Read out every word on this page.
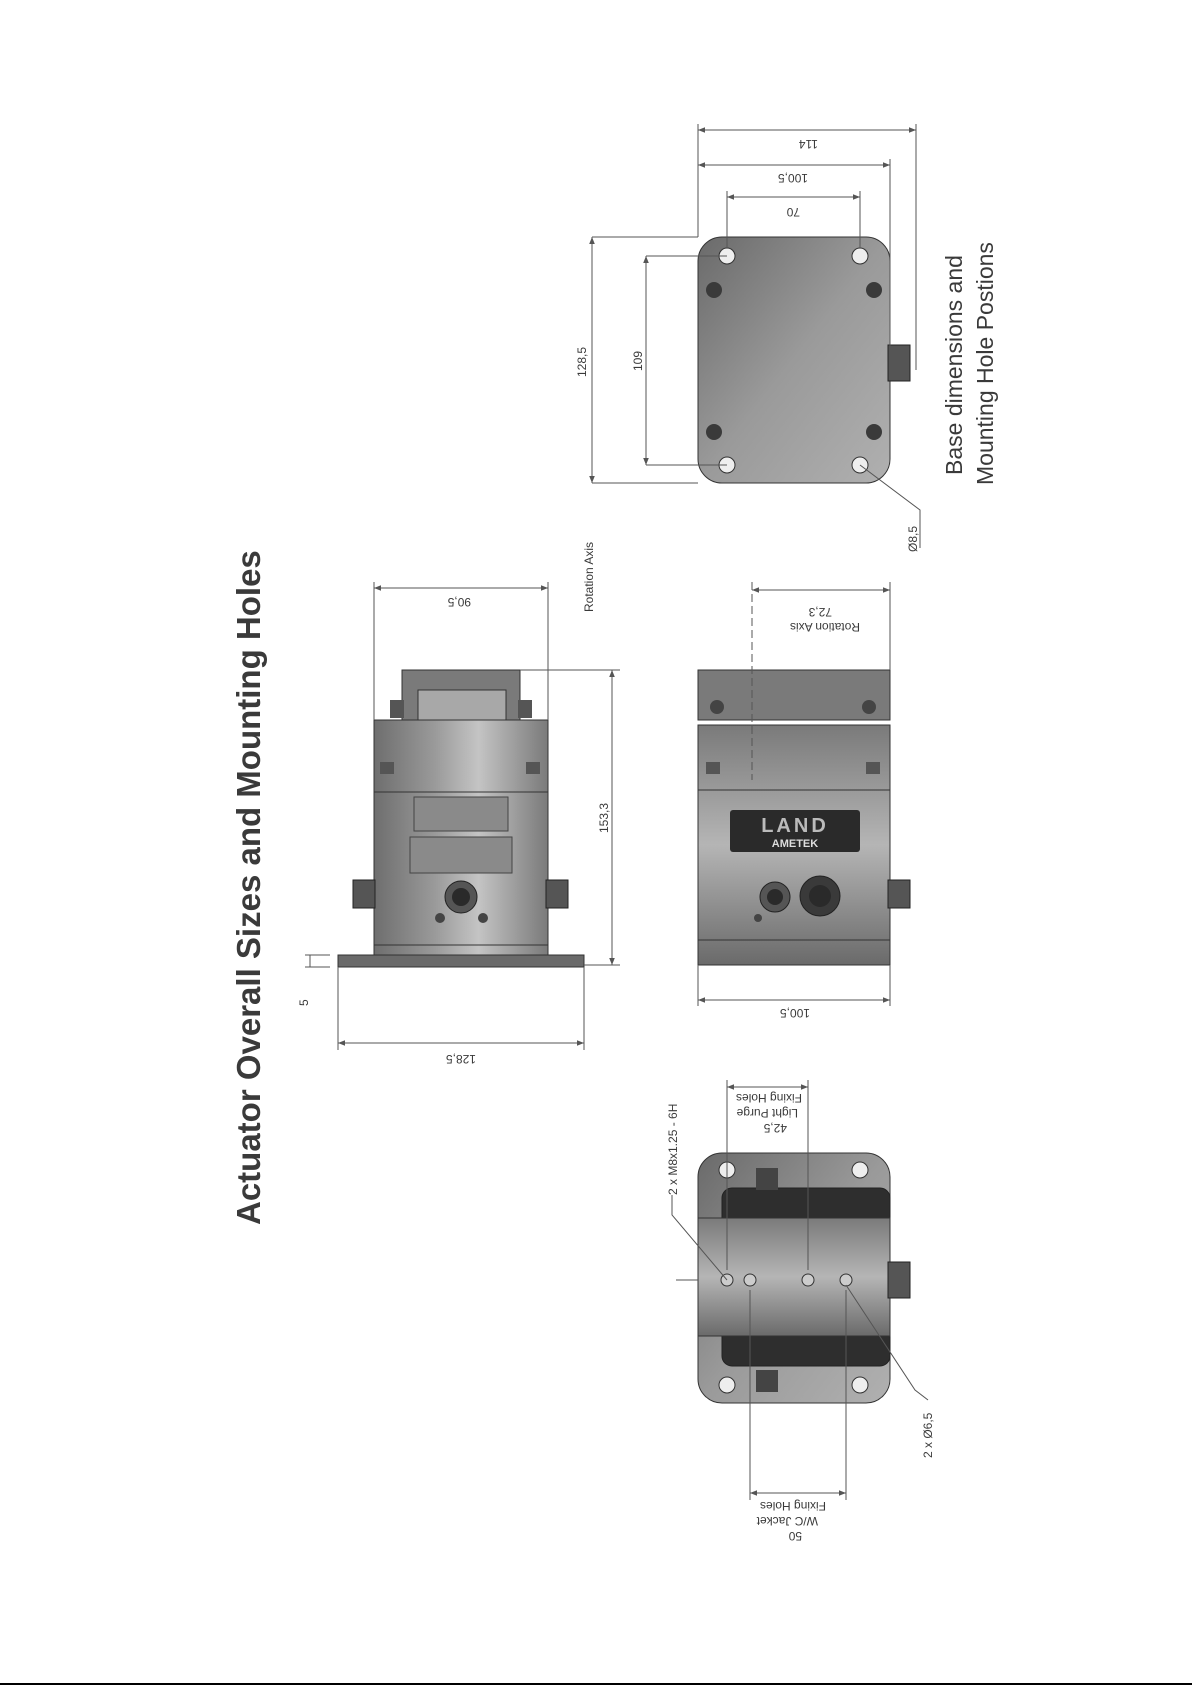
Actuator Overall Sizes and Mounting Holes	128,5
5
153,3
90,5	Rotation Axis
LAND
AMETEK
100,5
72,3
Rotation Axis
128,5	109
70
100,5
114
Ø8,5
Base dimensions and Mounting Hole Postions
2 x M8x1.25 - 6H	42,5
Light Purge
Fixing Holes
Fixing Holes
W/C Jacket
50
2 x Ø6,5
